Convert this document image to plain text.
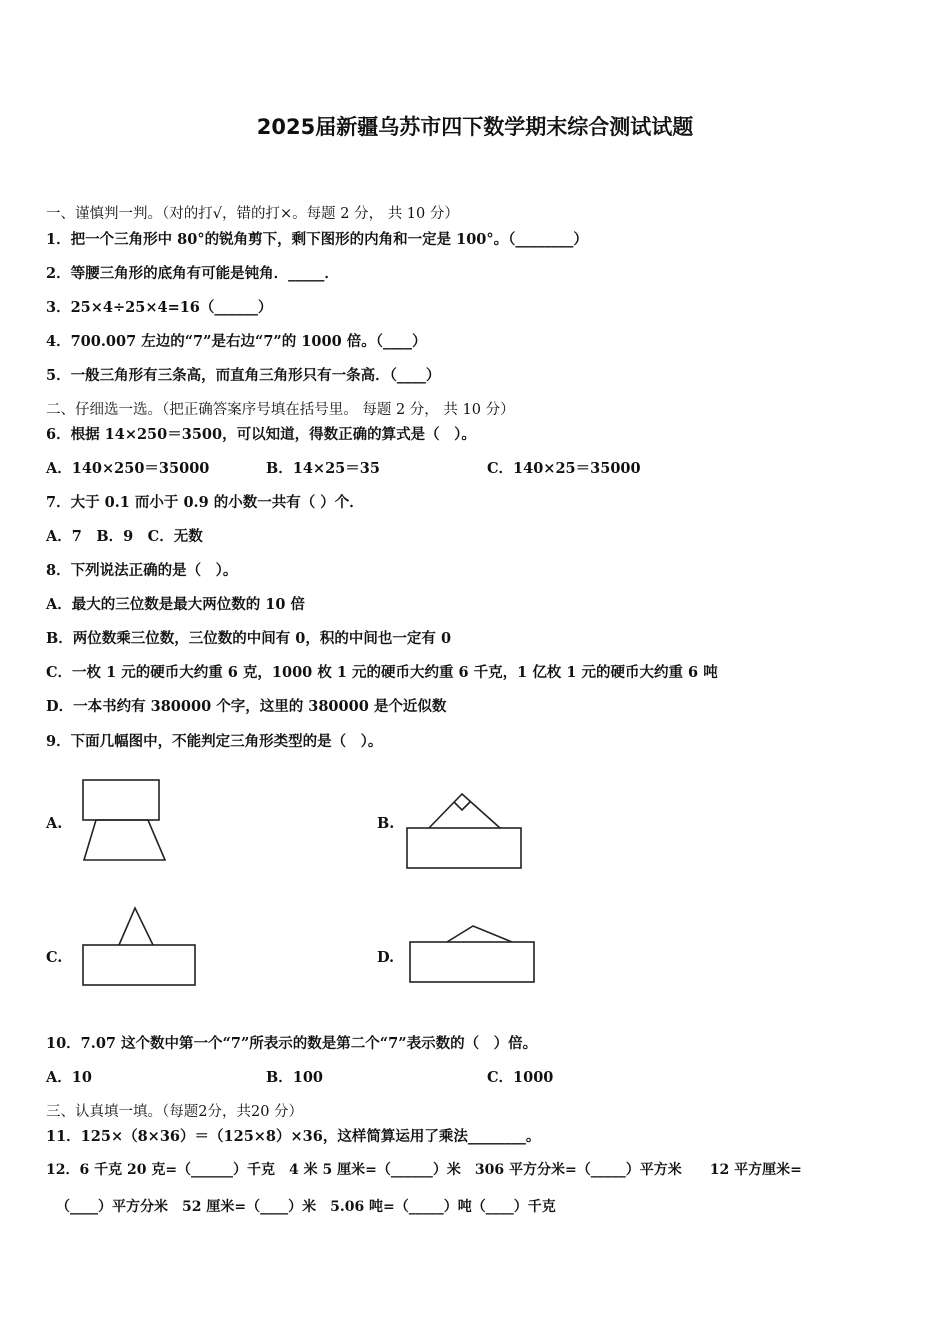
2025届新疆乌苏市四下数学期末综合测试试题
一、谨慎判一判。（对的打√，错的打×。每题 2 分， 共 10 分）
1．把一个三角形中 80°的锐角剪下，剩下图形的内角和一定是 100°。（________）
2．等腰三角形的底角有可能是钝角．_____．
3．25×4÷25×4=16（______）
4．700.007 左边的“7”是右边“7”的 1000 倍。（____）
5．一般三角形有三条高，而直角三角形只有一条高．（____）
二、仔细选一选。（把正确答案序号填在括号里。 每题 2 分， 共 10 分）
6．根据 14×250＝3500，可以知道，得数正确的算式是（　）。
A．140×250＝35000	B．14×25＝35	C．140×25＝35000
7．大于 0.1 而小于 0.9 的小数一共有（ ）个．
A．7　B．9　C．无数
8．下列说法正确的是（　）。
A．最大的三位数是最大两位数的 10 倍
B．两位数乘三位数，三位数的中间有 0，积的中间也一定有 0
C．一枚 1 元的硬币大约重 6 克，1000 枚 1 元的硬币大约重 6 千克，1 亿枚 1 元的硬币大约重 6 吨
D．一本书约有 380000 个字，这里的 380000 是个近似数
9．下面几幅图中，不能判定三角形类型的是（　）。
A.	B.
C.	D.
10．7.07 这个数中第一个“7”所表示的数是第二个“7”表示数的（　）倍。
A．10	B．100	C．1000
三、认真填一填。（每题2分，共20 分）
11．125×（8×36）＝（125×8）×36，这样简算运用了乘法________。
12．6 千克 20 克=（______）千克　4 米 5 厘米=（______）米　306 平方分米=（_____）平方米　　12 平方厘米=
（____）平方分米　52 厘米=（____）米　5.06 吨=（_____）吨（____）千克
